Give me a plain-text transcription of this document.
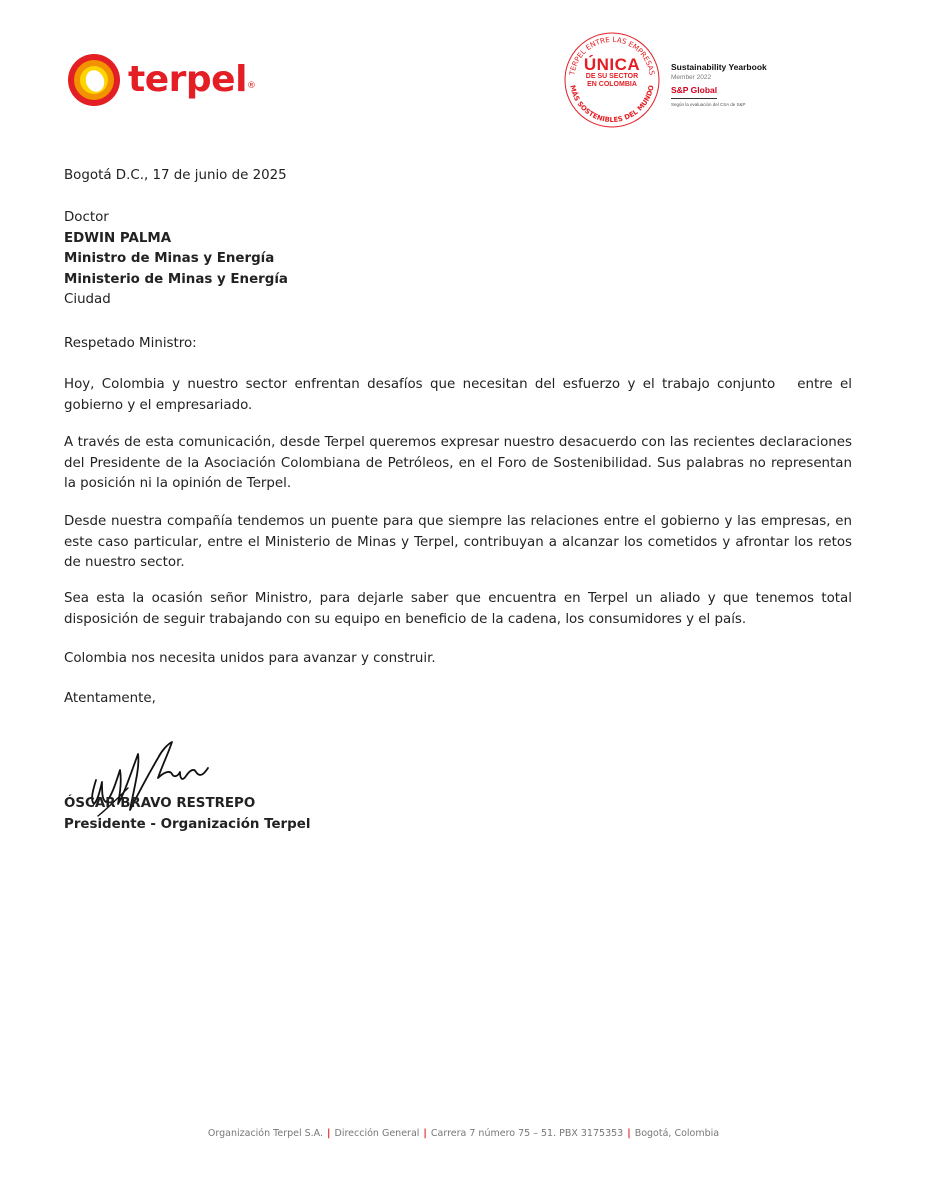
terpel®
TERPEL ENTRE LAS EMPRESAS
MÁS SOSTENIBLES DEL MUNDO
ÚNICA
DE SU SECTOR
EN COLOMBIA
Sustainability Yearbook
Member 2022
S&P Global
Según la evaluación del CSA de S&P
Bogotá D.C., 17 de junio de 2025
Doctor
EDWIN PALMA
Ministro de Minas y Energía
Ministerio de Minas y Energía
Ciudad
Respetado Ministro:
Hoy, Colombia y nuestro sector enfrentan desafíos que necesitan del esfuerzo y el trabajo conjunto   entre el gobierno y el empresariado.
A través de esta comunicación, desde Terpel queremos expresar nuestro desacuerdo con las recientes declaraciones del Presidente de la Asociación Colombiana de Petróleos, en el Foro de Sostenibilidad. Sus palabras no representan la posición ni la opinión de Terpel.
Desde nuestra compañía tendemos un puente para que siempre las relaciones entre el gobierno y las empresas, en este caso particular, entre el Ministerio de Minas y Terpel, contribuyan a alcanzar los cometidos y afrontar los retos de nuestro sector.
Sea esta la ocasión señor Ministro, para dejarle saber que encuentra en Terpel un aliado y que tenemos total disposición de seguir trabajando con su equipo en beneficio de la cadena, los consumidores y el país.
Colombia nos necesita unidos para avanzar y construir.
Atentamente,
ÓSCAR BRAVO RESTREPO
Presidente - Organización Terpel
Organización Terpel S.A. | Dirección General | Carrera 7 número 75 – 51. PBX 3175353 | Bogotá, Colombia
